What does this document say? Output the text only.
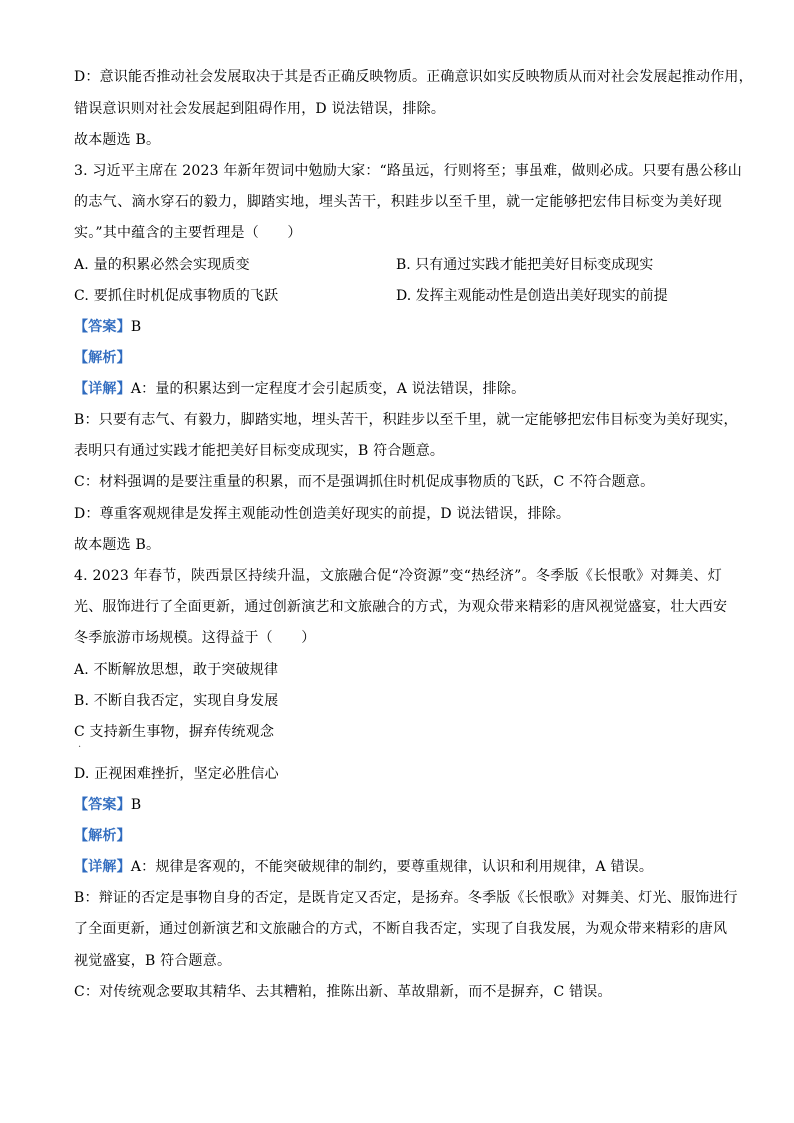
D：意识能否推动社会发展取决于其是否正确反映物质。正确意识如实反映物质从而对社会发展起推动作用，
错误意识则对社会发展起到阻碍作用，D 说法错误，排除。
故本题选 B。
3. 习近平主席在 2023 年新年贺词中勉励大家：“路虽远，行则将至；事虽难，做则必成。只要有愚公移山
的志气、滴水穿石的毅力，脚踏实地，埋头苦干，积跬步以至千里，就一定能够把宏伟目标变为美好现
实。”其中蕴含的主要哲理是（　　）
A. 量的积累必然会实现质变	B. 只有通过实践才能把美好目标变成现实
C. 要抓住时机促成事物质的飞跃	D. 发挥主观能动性是创造出美好现实的前提
【答案】B
【解析】
【详解】A：量的积累达到一定程度才会引起质变，A 说法错误，排除。
B：只要有志气、有毅力，脚踏实地，埋头苦干，积跬步以至千里，就一定能够把宏伟目标变为美好现实，
表明只有通过实践才能把美好目标变成现实，B 符合题意。
C：材料强调的是要注重量的积累，而不是强调抓住时机促成事物质的飞跃，C 不符合题意。
D：尊重客观规律是发挥主观能动性创造美好现实的前提，D 说法错误，排除。
故本题选 B。
4. 2023 年春节，陕西景区持续升温，文旅融合促“冷资源”变“热经济”。冬季版《长恨歌》对舞美、灯
光、服饰进行了全面更新，通过创新演艺和文旅融合的方式，为观众带来精彩的唐风视觉盛宴，壮大西安
冬季旅游市场规模。这得益于（　　）
A. 不断解放思想，敢于突破规律
B. 不断自我否定，实现自身发展
C 支持新生事物，摒弃传统观念
·
D. 正视困难挫折，坚定必胜信心
【答案】B
【解析】
【详解】A：规律是客观的，不能突破规律的制约，要尊重规律，认识和利用规律，A 错误。
B：辩证的否定是事物自身的否定，是既肯定又否定，是扬弃。冬季版《长恨歌》对舞美、灯光、服饰进行
了全面更新，通过创新演艺和文旅融合的方式，不断自我否定，实现了自我发展，为观众带来精彩的唐风
视觉盛宴，B 符合题意。
C：对传统观念要取其精华、去其糟粕，推陈出新、革故鼎新，而不是摒弃，C 错误。
